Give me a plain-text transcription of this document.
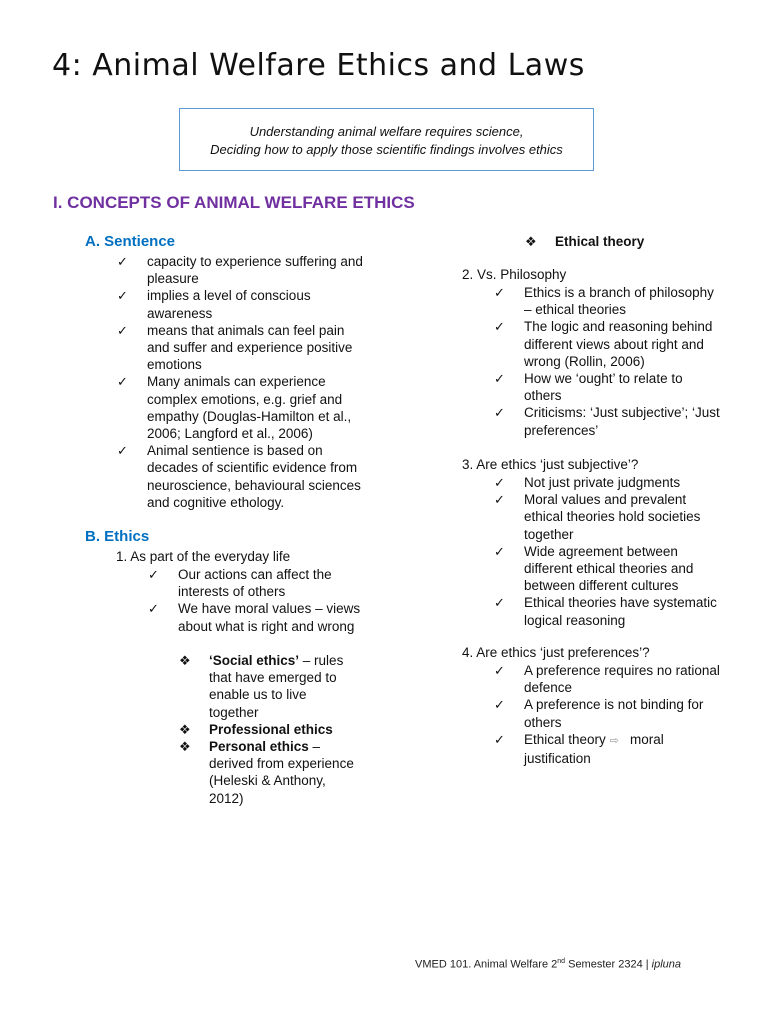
4: Animal Welfare Ethics and Laws
Understanding animal welfare requires science,
Deciding how to apply those scientific findings involves ethics
I. CONCEPTS OF ANIMAL WELFARE ETHICS
A. Sentience
✓	capacity to experience suffering and pleasure
✓	implies a level of conscious awareness
✓	means that animals can feel pain and suffer and experience positive emotions
✓	Many animals can experience complex emotions, e.g. grief and empathy (Douglas-Hamilton et al., 2006; Langford et al., 2006)
✓	Animal sentience is based on decades of scientific evidence from neuroscience, behavioural sciences and cognitive ethology.
B. Ethics
1. As part of the everyday life
✓	Our actions can affect the interests of others
✓	We have moral values – views about what is right and wrong
❖	‘Social ethics’ – rules that have emerged to enable us to live together
❖	Professional ethics
❖	Personal ethics – derived from experience (Heleski & Anthony, 2012)
❖	Ethical theory
2. Vs. Philosophy
✓	Ethics is a branch of philosophy – ethical theories
✓	The logic and reasoning behind different views about right and wrong (Rollin, 2006)
✓	How we ‘ought’ to relate to others
✓	Criticisms: ‘Just subjective’; ‘Just preferences’
3. Are ethics ‘just subjective’?
✓	Not just private judgments
✓	Moral values and prevalent ethical theories hold societies together
✓	Wide agreement between different ethical theories and between different cultures
✓	Ethical theories have systematic logical reasoning
4. Are ethics ‘just preferences’?
✓	A preference requires no rational defence
✓	A preference is not binding for others
✓	Ethical theory ⇨ moral justification
VMED 101. Animal Welfare 2nd Semester 2324 | ipluna
